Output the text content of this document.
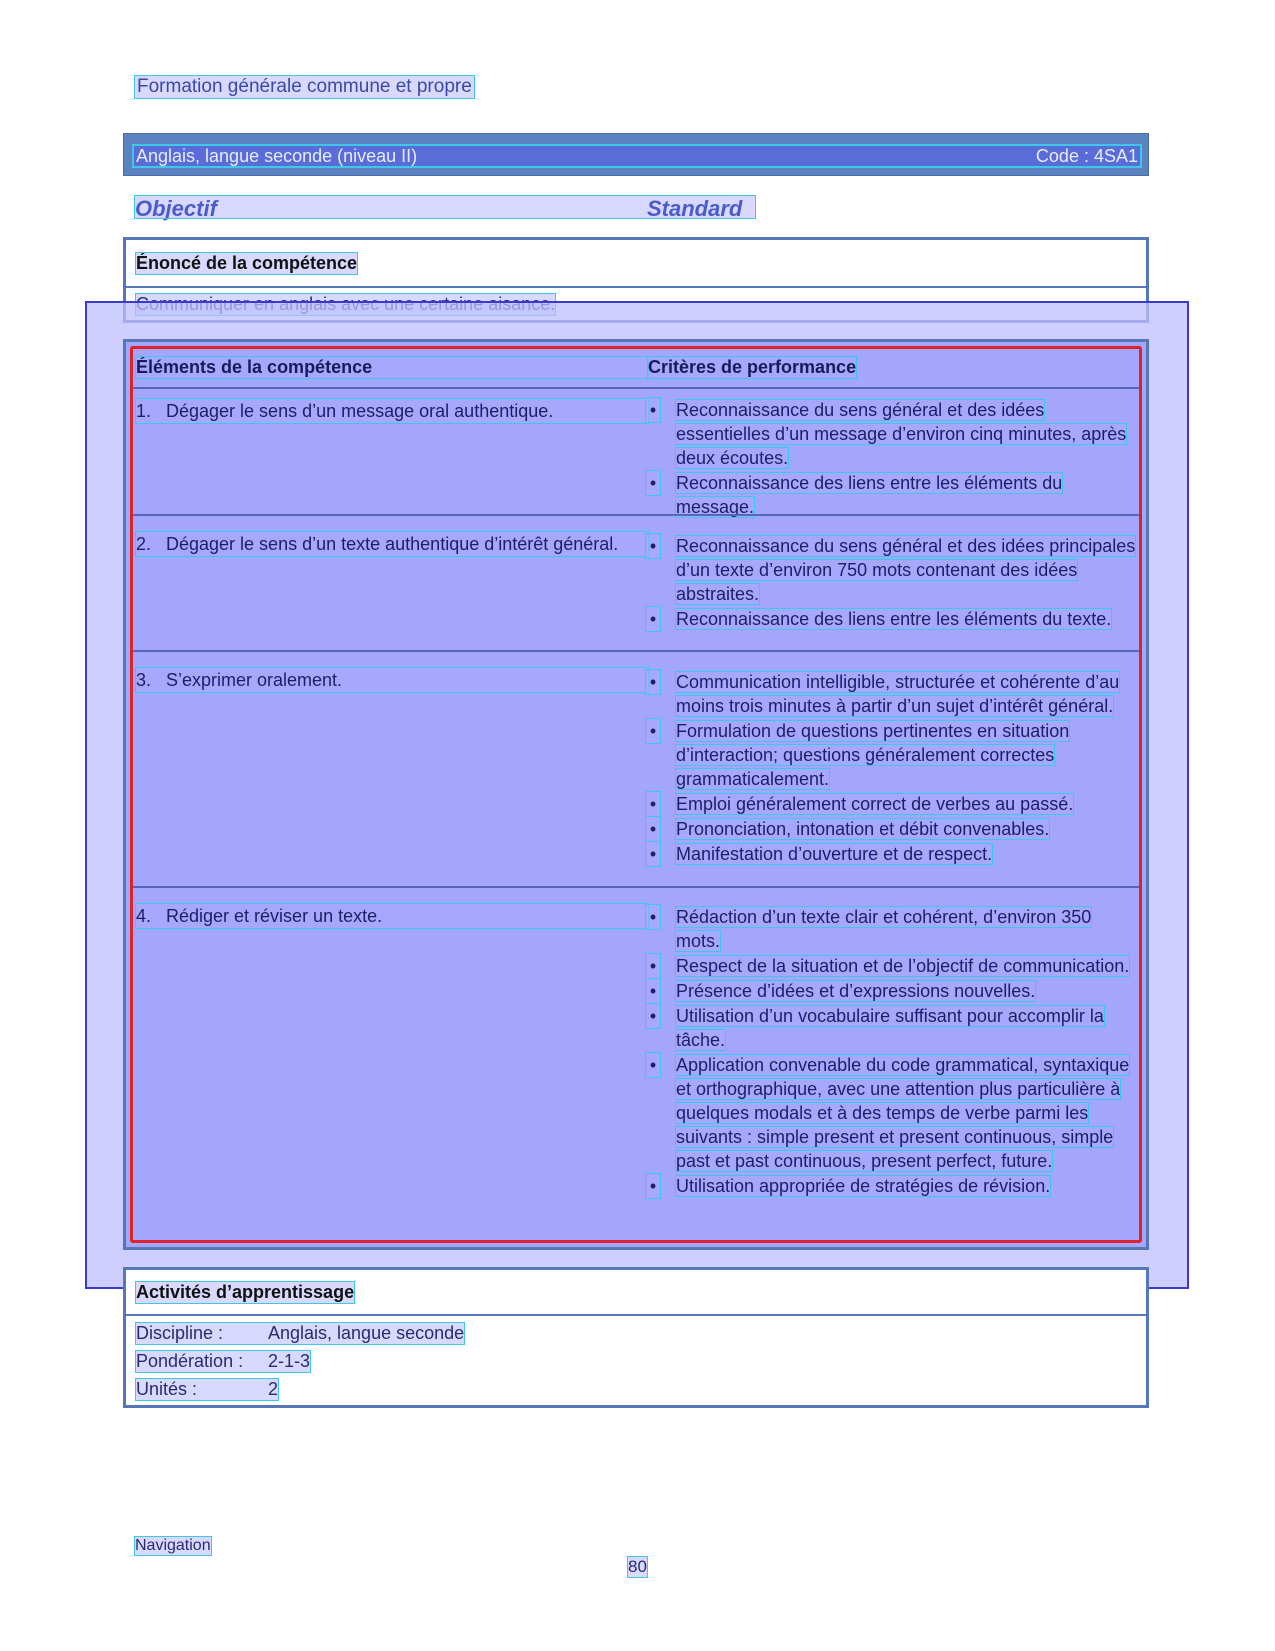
Formation générale commune et propre
Anglais, langue seconde (niveau II)	Code : 4SA1
Objectif	Standard
Énoncé de la compétence
Éléments de la compétence	Critères de performance
1. Dégager le sens d’un message oral authentique.	• Reconnaissance du sens général et des idées essentielles d’un message d’environ cinq minutes, après deux écoutes.
• Reconnaissance des liens entre les éléments du message.
2. Dégager le sens d’un texte authentique d’intérêt général.	• Reconnaissance du sens général et des idées principales d’un texte d’environ 750 mots contenant des idées abstraites.
• Reconnaissance des liens entre les éléments du texte.
3. S’exprimer oralement.	• Communication intelligible, structurée et cohérente d’au moins trois minutes à partir d’un sujet d’intérêt général.
• Formulation de questions pertinentes en situation d’interaction; questions généralement correctes grammaticalement.
• Emploi généralement correct de verbes au passé.
• Prononciation, intonation et débit convenables.
• Manifestation d’ouverture et de respect.
4. Rédiger et réviser un texte.	• Rédaction d’un texte clair et cohérent, d’environ 350 mots.
• Respect de la situation et de l’objectif de communication.
• Présence d’idées et d’expressions nouvelles.
• Utilisation d’un vocabulaire suffisant pour accomplir la tâche.
• Application convenable du code grammatical, syntaxique et orthographique, avec une attention plus particulière à quelques modals et à des temps de verbe parmi les suivants : simple present et present continuous, simple past et past continuous, present perfect, future.
• Utilisation appropriée de stratégies de révision.
Activités d’apprentissage
Discipline :	Anglais, langue seconde
Pondération :	2-1-3
Unités :	2
Navigation
80
